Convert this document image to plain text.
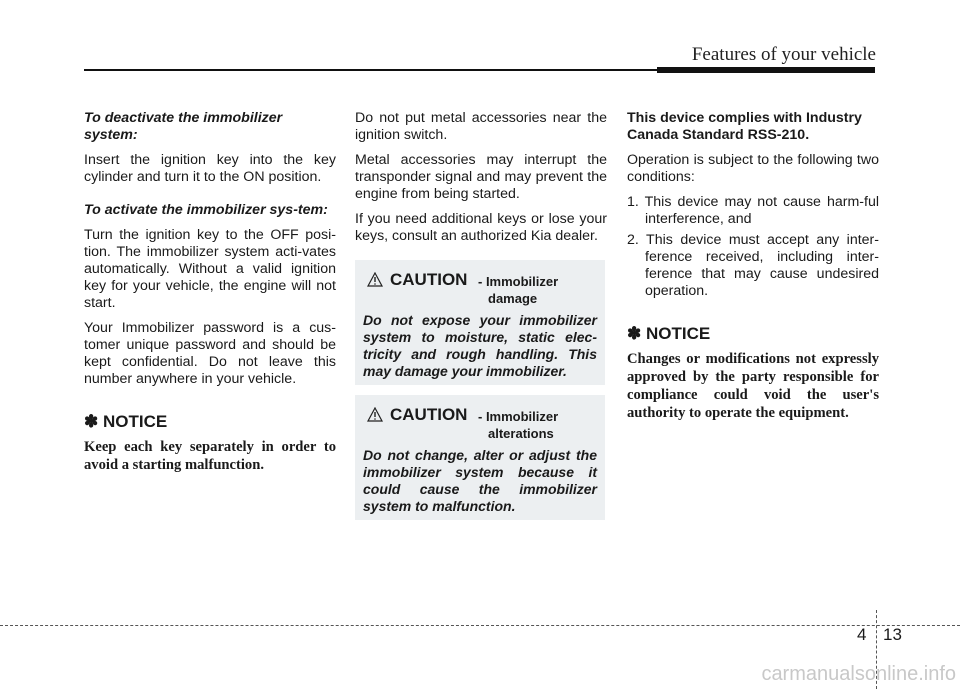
Features of your vehicle
To deactivate the immobilizer system:

Insert the ignition key into the key cylinder and turn it to the ON position.

To activate the immobilizer sys-tem:

Turn the ignition key to the OFF posi-tion. The immobilizer system acti-vates automatically. Without a valid ignition key for your vehicle, the engine will not start.

Your Immobilizer password is a cus-tomer unique password and should be kept confidential. Do not leave this number anywhere in your vehicle.

✽ NOTICE

Keep each key separately in order to avoid a starting malfunction.

Do not put metal accessories near the ignition switch.

Metal accessories may interrupt the transponder signal and may prevent the engine from being started.

If you need additional keys or lose your keys, consult an authorized Kia dealer.

CAUTION - Immobilizer
damage
Do not expose your immobilizer system to moisture, static elec-tricity and rough handling. This may damage your immobilizer.
CAUTION - Immobilizer
alterations
Do not change, alter or adjust the immobilizer system because it could cause the immobilizer system to malfunction.

This device complies with Industry Canada Standard RSS-210.

Operation is subject to the following two conditions:

1. This device may not cause harm-ful interference, and
2. This device must accept any inter-ference received, including inter-ference that may cause undesired operation.
✽ NOTICE

Changes or modifications not expressly approved by the party responsible for compliance could void the user's authority to operate the equipment.

4 13
carmanualsonline.info
